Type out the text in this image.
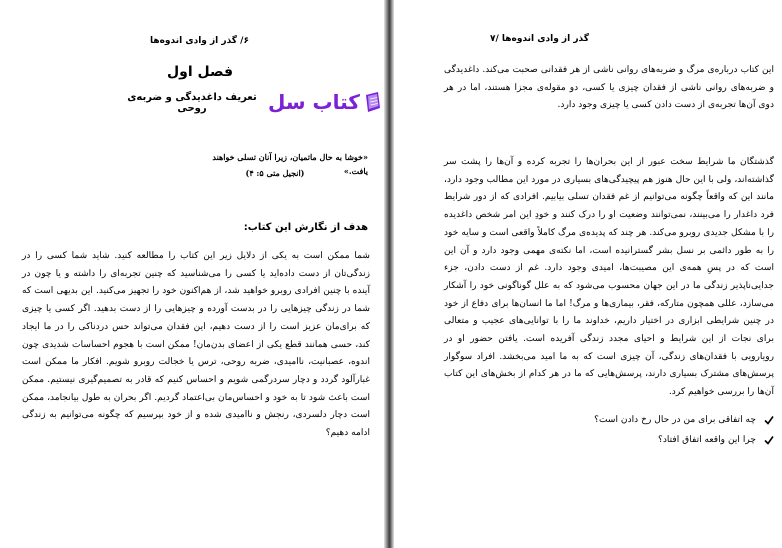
۶/ گذر از وادی اندوه‌ها
فصل اول
تعریف داغدیدگی و ضربه‌ی روحی	کتاب سل
«خوشا به حال ماتمیان، زیرا آنان تسلی خواهند یافت.»
(انجیل متی ۵: ۴)
هدف از نگارش این کتاب:

شما ممکن است به یکی از دلایل زیر این کتاب را مطالعه کنید. شاید شما کسی را در زندگی‌تان از دست داده‌اید یا کسی را می‌شناسید که چنین تجربه‌ای را داشته و یا چون در آینده با چنین افرادی روبرو خواهید شد، از هم‌اکنون خود را تجهیز می‌کنید. این بدیهی است که شما در زندگی چیزهایی را در بدست آورده و چیزهایی را از دست بدهید. اگر کسی یا چیزی که برای‌مان عزیز است را از دست دهیم، این فقدان می‌تواند حس دردناکی را در ما ایجاد کند، حسی همانند قطع یکی از اعضای بدن‌مان! ممکن است با هجوم احساسات شدیدی چون اندوه، عصبانیت، ناامیدی، ضربه روحی، ترس یا خجالت روبرو شویم. افکار ما ممکن است غبارآلود گردد و دچار سردرگمی شویم و احساس کنیم که قادر به تصمیم‌گیری نیستیم. ممکن است باعث شود تا به خود و احساس‌مان بی‌اعتماد گردیم. اگر بحران به طول بیانجامد، ممکن است دچار دلسردی، رنجش و ناامیدی شده و از خود بپرسیم که چگونه می‌توانیم به زندگی ادامه دهیم؟

گذر از وادی اندوه‌ها /۷

این کتاب درباره‌ی مرگ و ضربه‌های روانی ناشی از هر فقدانی صحبت می‌کند. داغدیدگی و ضربه‌های روانی ناشی از فقدان چیزی یا کسی، دو مقوله‌ی مجزا هستند، اما در هر دوی آن‌ها تجربه‌ی از دست دادن کسی یا چیزی وجود دارد.

گذشتگان ما شرایط سخت عبور از این بحران‌ها را تجربه کرده و آن‌ها را پشت سر گذاشته‌اند، ولی با این حال هنوز هم پیچیدگی‌های بسیاری در مورد این مطالب وجود دارد، مانند این که واقعاً چگونه می‌توانیم از غم فقدان تسلی بیابیم. افرادی که از دور شرایط فرد داغدار را می‌بینند، نمی‌توانند وضعیت او را درک کنند و خودِ این امر شخص داغدیده را با مشکل جدیدی روبرو می‌کند. هر چند که پدیده‌ی مرگ کاملاً واقعی است و سایه خود را به طور دائمی بر نسل بشر گسترانیده است، اما نکته‌ی مهمی وجود دارد و آن این است که در پسِ همه‌ی این مصیبت‌ها، امیدی وجود دارد. غم از دست دادن، جزء جدایی‌ناپذیر زندگی ما در این جهان محسوب می‌شود که به علل گوناگونی خود را آشکار می‌سازد، عللی همچون متارکه، فقر، بیماری‌ها و مرگ! اما ما انسان‌ها برای دفاع از خود در چنین شرایطی ابزاری در اختیار داریم، خداوند ما را با توانایی‌های عجیب و متعالی برای نجات از این شرایط و احیای مجدد زندگی آفریده است. یافتن حضور او در رویارویی با فقدان‌های زندگی، آن چیزی است که به ما امید می‌بخشد. افراد سوگوار پرسش‌های مشترک بسیاری دارند، پرسش‌هایی که ما در هر کدام از بخش‌های این کتاب آن‌ها را بررسی خواهیم کرد.

چه اتفاقی برای من در حال رخ دادن است؟
چرا این واقعه اتفاق افتاد؟
